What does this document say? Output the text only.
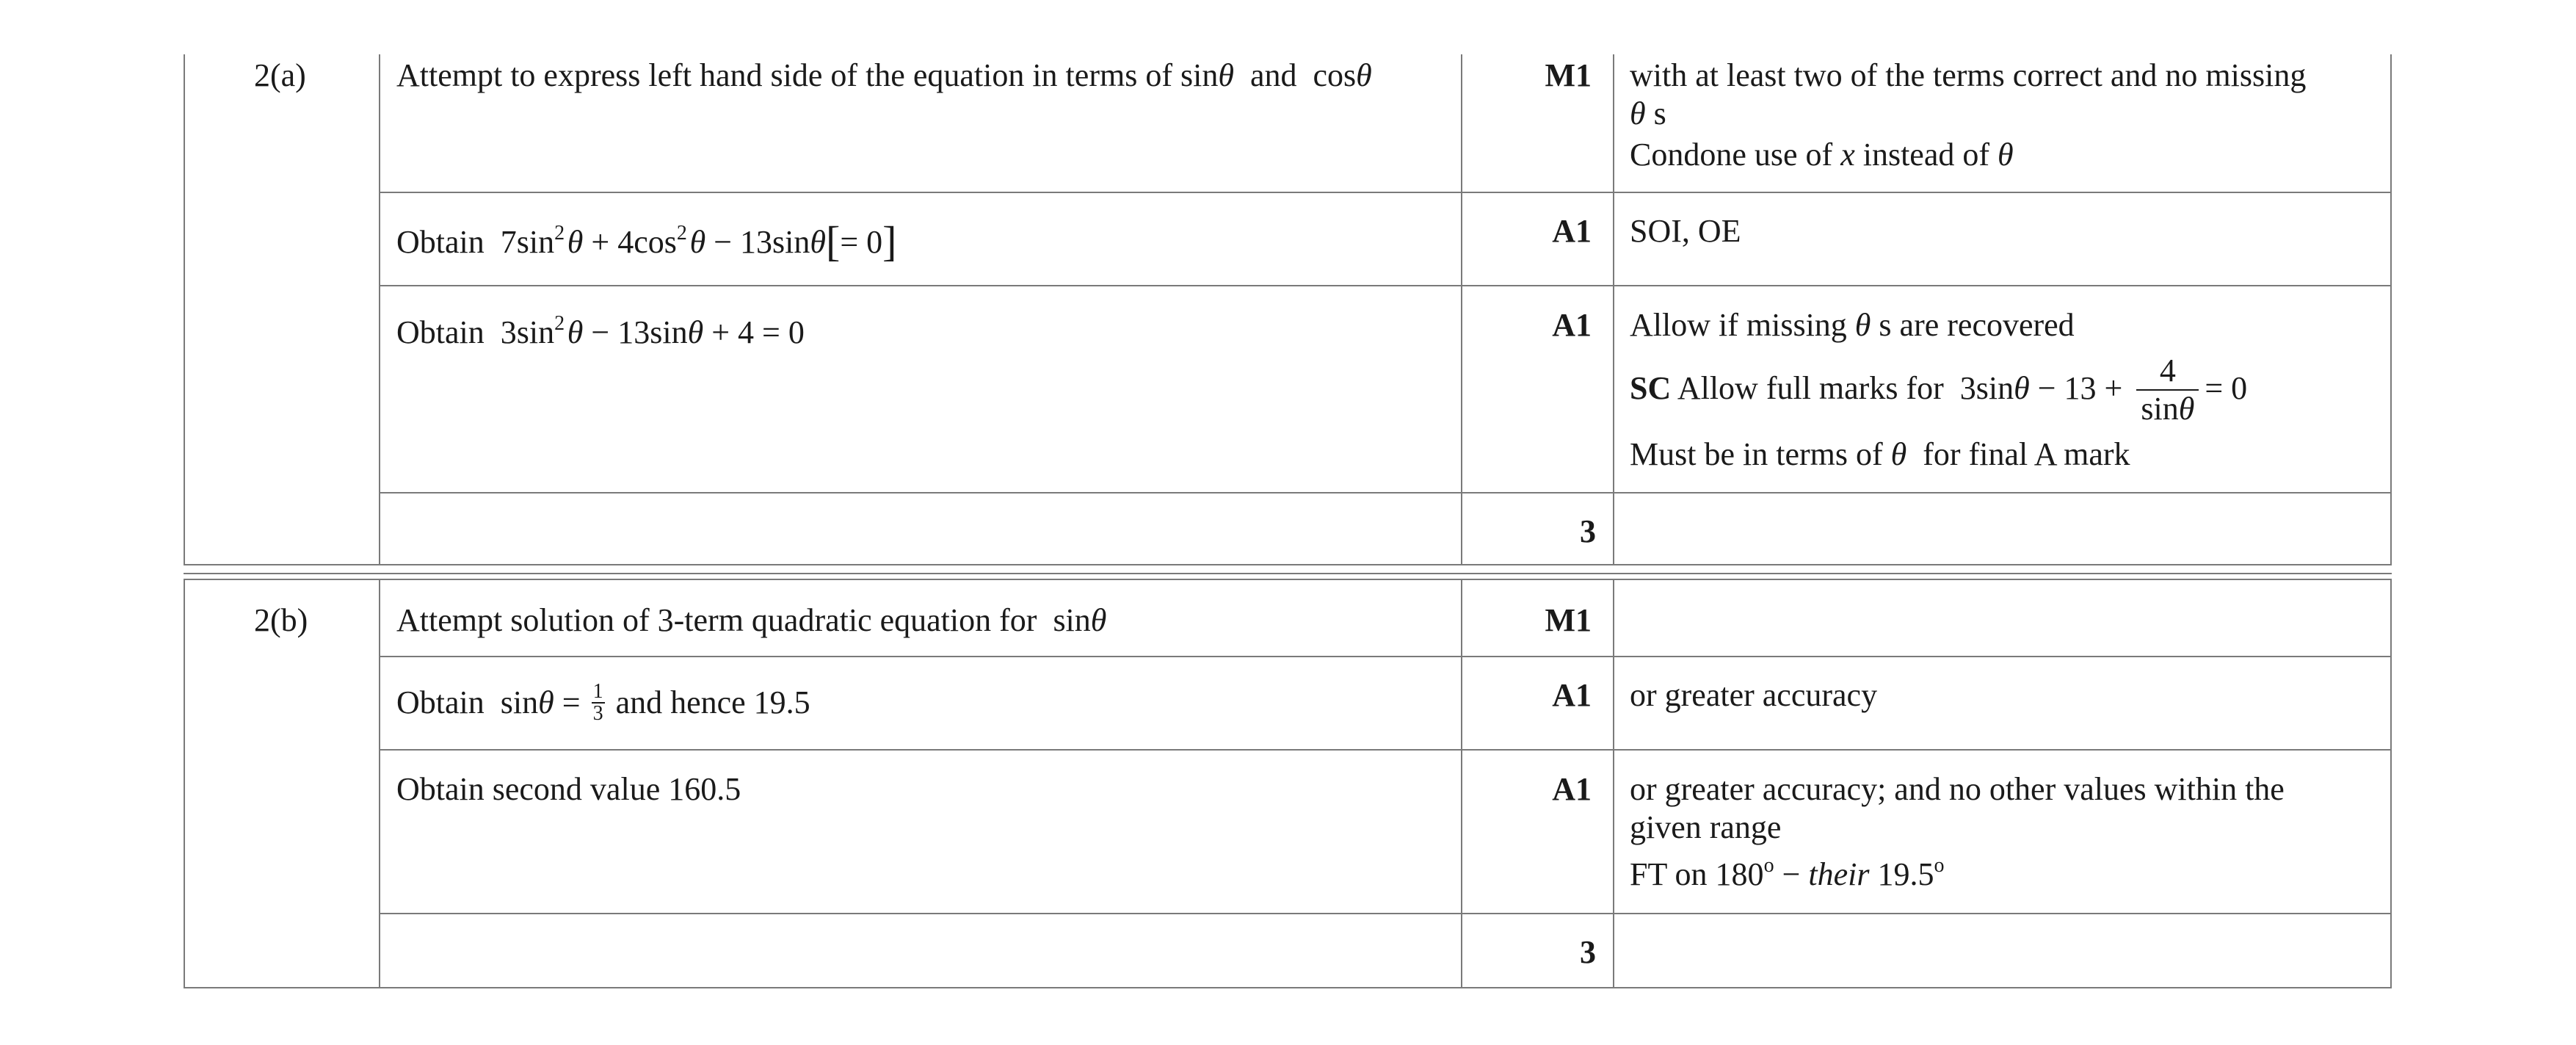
2(a)	Attempt to express left hand side of the equation in terms of sinθ  and  cosθ	M1 with at least two of the terms correct and no missing
θ s
Condone use of x instead of θ
Obtain  $7\sin^2$ $\theta + 4\cos^2$ θ − 13sinθ[= 0]	A1 SOI, OE
Obtain  $3\sin^2$ θ − 13sinθ + 4 = 0	A1 Allow if missing θ s are recovered
SC Allow full marks for  $3\sin\theta - 13 + \frac{4}{\sin\theta} = 0$
Must be in terms of θ  for final A mark
3
2(b)	Attempt solution of 3-term quadratic equation for  sinθ	M1
Obtain  $\sin\theta = \frac{1}{3}$ and hence 19.5	A1 or greater accuracy
Obtain second value 160.5	A1 or greater accuracy; and no other values within the
given range
FT on $180^o$ − their 19.5$^o$
3
